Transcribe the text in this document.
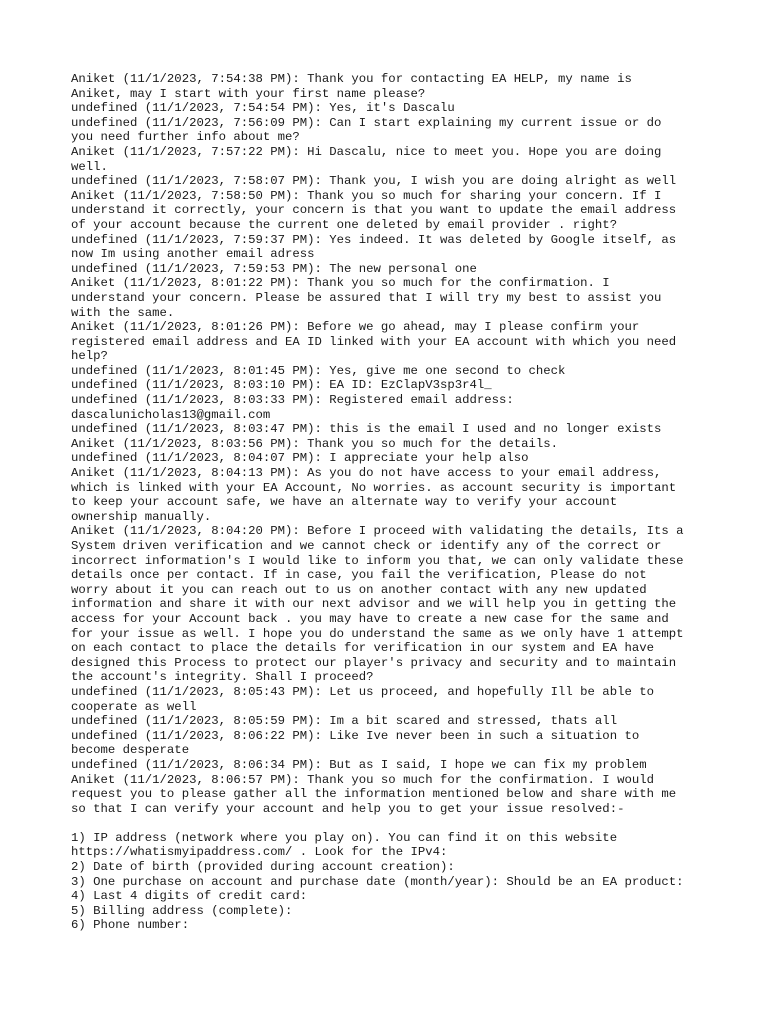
Aniket (11/1/2023, 7:54:38 PM): Thank you for contacting EA HELP, my name is
Aniket, may I start with your first name please?
undefined (11/1/2023, 7:54:54 PM): Yes, it's Dascalu
undefined (11/1/2023, 7:56:09 PM): Can I start explaining my current issue or do
you need further info about me?
Aniket (11/1/2023, 7:57:22 PM): Hi Dascalu, nice to meet you. Hope you are doing
well.
undefined (11/1/2023, 7:58:07 PM): Thank you, I wish you are doing alright as well
Aniket (11/1/2023, 7:58:50 PM): Thank you so much for sharing your concern. If I
understand it correctly, your concern is that you want to update the email address
of your account because the current one deleted by email provider . right?
undefined (11/1/2023, 7:59:37 PM): Yes indeed. It was deleted by Google itself, as
now Im using another email adress
undefined (11/1/2023, 7:59:53 PM): The new personal one
Aniket (11/1/2023, 8:01:22 PM): Thank you so much for the confirmation. I
understand your concern. Please be assured that I will try my best to assist you
with the same.
Aniket (11/1/2023, 8:01:26 PM): Before we go ahead, may I please confirm your
registered email address and EA ID linked with your EA account with which you need
help?
undefined (11/1/2023, 8:01:45 PM): Yes, give me one second to check
undefined (11/1/2023, 8:03:10 PM): EA ID: EzClapV3sp3r4l_
undefined (11/1/2023, 8:03:33 PM): Registered email address:
dascalunicholas13@gmail.com
undefined (11/1/2023, 8:03:47 PM): this is the email I used and no longer exists
Aniket (11/1/2023, 8:03:56 PM): Thank you so much for the details.
undefined (11/1/2023, 8:04:07 PM): I appreciate your help also
Aniket (11/1/2023, 8:04:13 PM): As you do not have access to your email address,
which is linked with your EA Account, No worries. as account security is important
to keep your account safe, we have an alternate way to verify your account
ownership manually.
Aniket (11/1/2023, 8:04:20 PM): Before I proceed with validating the details, Its a
System driven verification and we cannot check or identify any of the correct or
incorrect information's I would like to inform you that, we can only validate these
details once per contact. If in case, you fail the verification, Please do not
worry about it you can reach out to us on another contact with any new updated
information and share it with our next advisor and we will help you in getting the
access for your Account back . you may have to create a new case for the same and
for your issue as well. I hope you do understand the same as we only have 1 attempt
on each contact to place the details for verification in our system and EA have
designed this Process to protect our player's privacy and security and to maintain
the account's integrity. Shall I proceed?
undefined (11/1/2023, 8:05:43 PM): Let us proceed, and hopefully Ill be able to
cooperate as well
undefined (11/1/2023, 8:05:59 PM): Im a bit scared and stressed, thats all
undefined (11/1/2023, 8:06:22 PM): Like Ive never been in such a situation to
become desperate
undefined (11/1/2023, 8:06:34 PM): But as I said, I hope we can fix my problem
Aniket (11/1/2023, 8:06:57 PM): Thank you so much for the confirmation. I would
request you to please gather all the information mentioned below and share with me
so that I can verify your account and help you to get your issue resolved:-
1) IP address (network where you play on). You can find it on this website
https://whatismyipaddress.com/ . Look for the IPv4:
2) Date of birth (provided during account creation):
3) One purchase on account and purchase date (month/year): Should be an EA product:
4) Last 4 digits of credit card:
5) Billing address (complete):
6) Phone number:
